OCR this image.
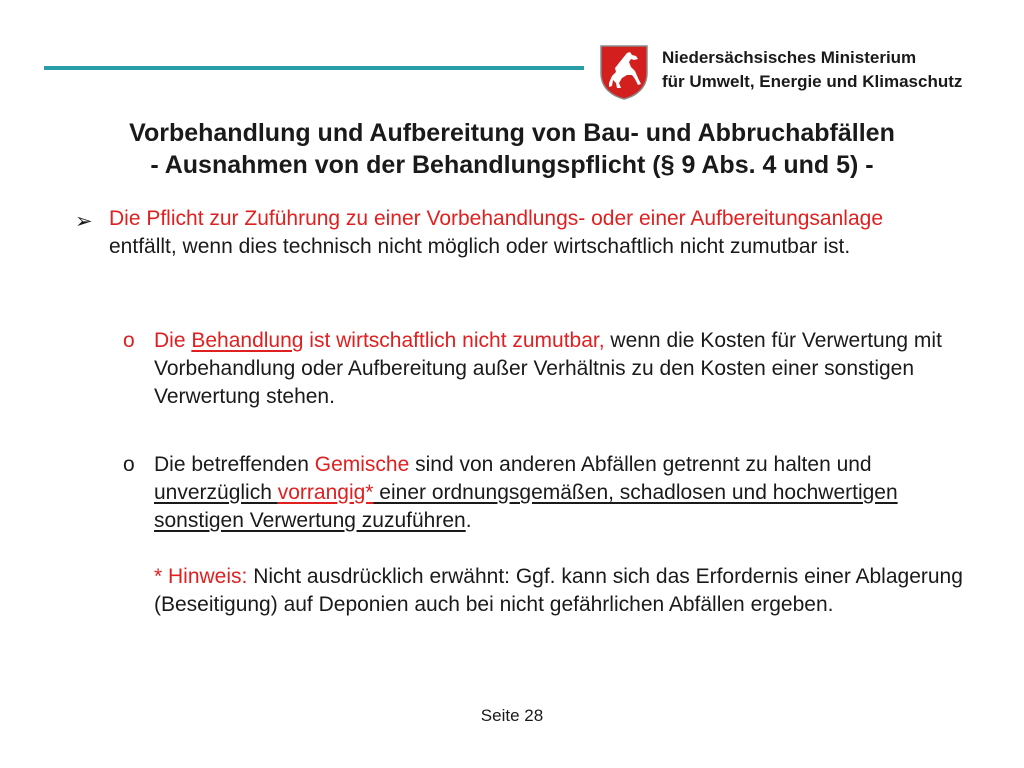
Niedersächsisches Ministerium
für Umwelt, Energie und Klimaschutz
Vorbehandlung und Aufbereitung von Bau- und Abbruchabfällen
- Ausnahmen von der Behandlungspflicht (§ 9 Abs. 4 und 5) -
➢ Die Pflicht zur Zuführung zu einer Vorbehandlungs- oder einer Aufbereitungsanlage entfällt, wenn dies technisch nicht möglich oder wirtschaftlich nicht zumutbar ist.
o Die Behandlung ist wirtschaftlich nicht zumutbar, wenn die Kosten für Verwertung mit Vorbehandlung oder Aufbereitung außer Verhältnis zu den Kosten einer sonstigen Verwertung stehen.
o Die betreffenden Gemische sind von anderen Abfällen getrennt zu halten und unverzüglich vorrangig* einer ordnungsgemäßen, schadlosen und hochwertigen sonstigen Verwertung zuzuführen.
* Hinweis: Nicht ausdrücklich erwähnt: Ggf. kann sich das Erfordernis einer Ablagerung (Beseitigung) auf Deponien auch bei nicht gefährlichen Abfällen ergeben.
Seite 28
